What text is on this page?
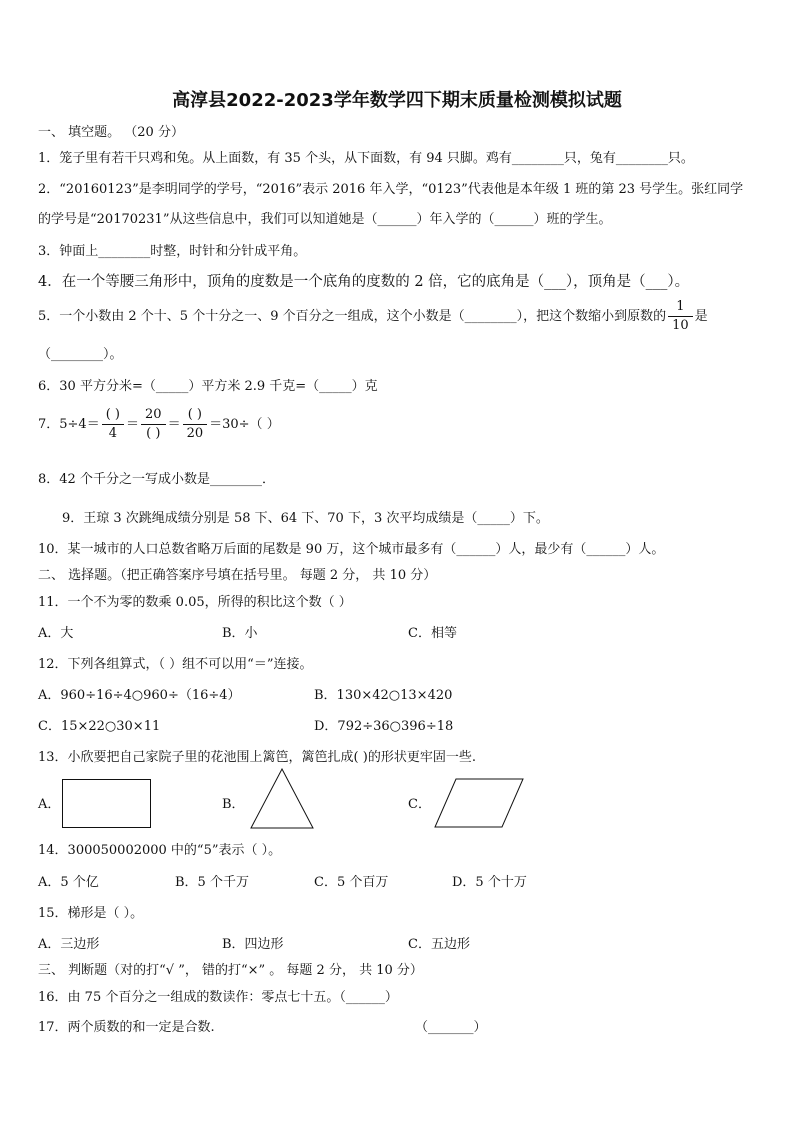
高淳县2022-2023学年数学四下期末质量检测模拟试题
一、 填空题。 （20 分）
1．笼子里有若干只鸡和兔。从上面数，有 35 个头，从下面数，有 94 只脚。鸡有________只，兔有________只。
2．“20160123”是李明同学的学号，“2016”表示 2016 年入学，“0123”代表他是本年级 1 班的第 23 号学生。张红同学
的学号是“20170231”从这些信息中，我们可以知道她是（______）年入学的（______）班的学生。
3．钟面上________时整，时针和分针成平角。
4．在一个等腰三角形中，顶角的度数是一个底角的度数的 2 倍，它的底角是（___），顶角是（___）。
5．一个小数由 2 个十、5 个十分之一、9 个百分之一组成，这个小数是（________），把这个数缩小到原数的 $\frac{1}{10}$ 是
（________）。
6．30 平方分米=（_____）平方米 2.9 千克=（_____）克
7．$5\div 4= \frac{( )}{4} = \frac{20}{( )} = \frac{( )}{20} =30\div$（ ）
8．42 个千分之一写成小数是________．
9．王琼 3 次跳绳成绩分别是 58 下、64 下、70 下，3 次平均成绩是（_____）下。
10．某一城市的人口总数省略万后面的尾数是 90 万，这个城市最多有（______）人，最少有（______）人。
二、 选择题。（把正确答案序号填在括号里。 每题 2 分， 共 10 分）
11．一个不为零的数乘 0.05，所得的积比这个数（ ）
A．大	B．小	C．相等
12．下列各组算式，（ ）组不可以用“＝”连接。
A．960÷16÷4○960÷（16÷4）	B．130×42○13×420
C．15×22○30×11	D．792÷36○396÷18
13．小欣要把自己家院子里的花池围上篱笆，篱笆扎成( )的形状更牢固一些.
A．	B．	C．
14．300050002000 中的“5”表示（ ）。
A．5 个亿	B．5 个千万	C．5 个百万	D．5 个十万
15．梯形是（ ）。
A．三边形	B．四边形	C．五边形
三、 判断题（对的打“√ ”， 错的打“×” 。 每题 2 分， 共 10 分）
16．由 75 个百分之一组成的数读作：零点七十五。（______）
17．两个质数的和一定是合数.	（_______）
